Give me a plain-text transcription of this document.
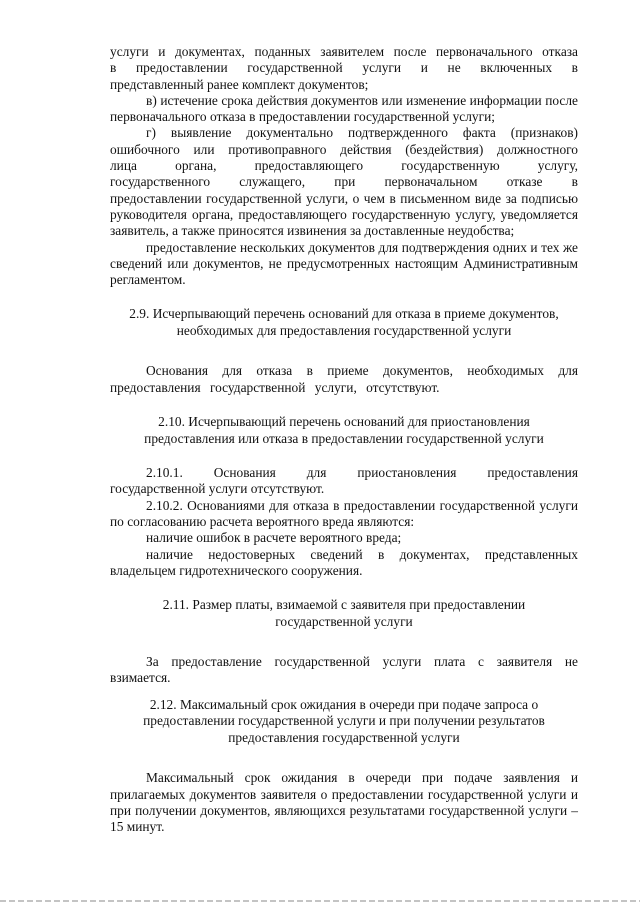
услуги и документах, поданных заявителем после первоначального отказа

в предоставлении государственной услуги и не включенных в

представленный ранее комплект документов;

в) истечение срока действия документов или изменение информации после первоначального отказа в предоставлении государственной услуги;

г) выявление документально подтвержденного факта (признаков)

ошибочного или противоправного действия (бездействия) должностного

лица органа, предоставляющего государственную услугу,

государственного служащего, при первоначальном отказе в

предоставлении государственной услуги, о чем в письменном виде за подписью руководителя органа, предоставляющего государственную услугу, уведомляется заявитель, а также приносятся извинения за доставленные неудобства;

предоставление нескольких документов для подтверждения одних и тех же сведений или документов, не предусмотренных настоящим Административным регламентом.

2.9. Исчерпывающий перечень оснований для отказа в приеме документов, необходимых для предоставления государственной услуги

Основания для отказа в приеме документов, необходимых для предоставления государственной услуги, отсутствуют.

2.10. Исчерпывающий перечень оснований для приостановления предоставления или отказа в предоставлении государственной услуги

2.10.1. Основания для приостановления предоставления

государственной услуги отсутствуют.

2.10.2. Основаниями для отказа в предоставлении государственной услуги по согласованию расчета вероятного вреда являются:

наличие ошибок в расчете вероятного вреда;

наличие недостоверных сведений в документах, представленных владельцем гидротехнического сооружения.

2.11. Размер платы, взимаемой с заявителя при предоставлении

государственной услуги

За предоставление государственной услуги плата с заявителя не взимается.

2.12. Максимальный срок ожидания в очереди при подаче запроса о

предоставлении государственной услуги и при получении результатов

предоставления государственной услуги

Максимальный срок ожидания в очереди при подаче заявления и прилагаемых документов заявителя о предоставлении государственной услуги и при получении документов, являющихся результатами государственной услуги – 15 минут.
